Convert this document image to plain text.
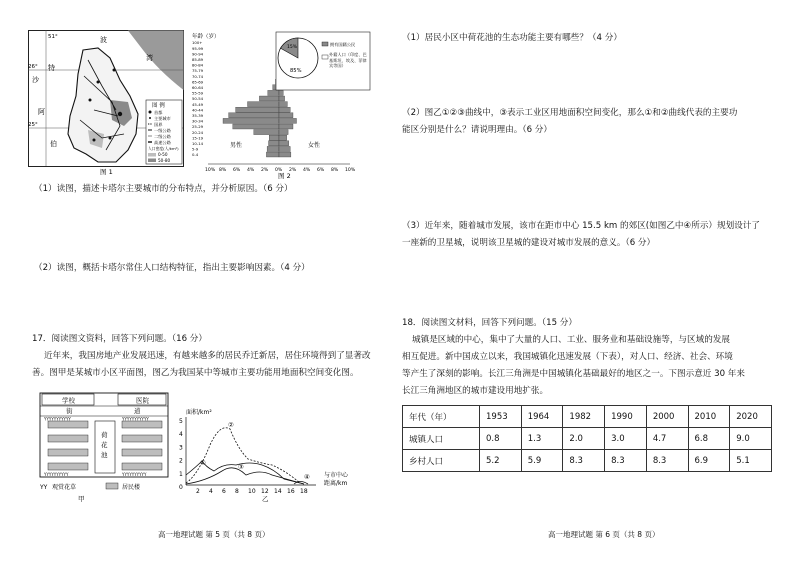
波
湾
沙
特
阿
伯
26°
25°
51°
图 例
首都
主要城市
国界
一级公路
二级公路
高速公路
人口密度(人/km²)
0-50
50-80
图 1
年龄（岁）
100+
95-99
90-94
85-89
80-84
75-79
70-74
65-69
60-64
55-59
50-54
45-49
40-44
35-39
30-34
25-29
20-24
15-19
10-14
5-9
0-4
10% 8% 6% 4% 2% 0% 2% 4% 6% 8% 10%
男性	女性
图 2
15%
85%
拥有国籍公民
外籍人口（印度、巴基斯坦、埃及、菲律宾等国）

（1）读图，描述卡塔尔主要城市的分布特点，并分析原因。（6 分）

（2）读图，概括卡塔尔常住人口结构特征，指出主要影响因素。（4 分）

17．阅读图文资料，回答下列问题。（16 分）

近年来，我国房地产业发展迅速，有越来越多的居民乔迁新居，居住环境得到了显著改

善。图甲是某城市小区平面图，图乙为我国某中等城市主要功能用地面积空间变化图。

学校	医院
街	道
YYYYYYYYYYY	YYYYYYYYYYY
YYYYYYYYYY	YYYYYYYYYY
荷
花
池
YY 观赏花草	居民楼
甲
面积/km²
5
4
3
2
1
0
2 4 6 8 10 12 14 16 18
①
②
③
④ 与市中心
距离/km
乙
高一地理试题 第 5 页（共 8 页）

（1）居民小区中荷花池的生态功能主要有哪些？（4 分）

（2）图乙①②③曲线中，③表示工业区用地面积空间变化，那么①和②曲线代表的主要功

能区分别是什么？请说明理由。（6 分）

（3）近年来，随着城市发展，该市在距市中心 15.5 km 的郊区(如图乙中④所示）规划设计了

一座新的卫星城，说明该卫星城的建设对城市发展的意义。（6 分）

18．阅读图文材料，回答下列问题。（15 分）

城镇是区域的中心，集中了大量的人口、工业、服务业和基础设施等，与区域的发展

相互促进。新中国成立以来，我国城镇化迅速发展（下表），对人口、经济、社会、环境

等产生了深刻的影响。长江三角洲是中国城镇化基础最好的地区之一。下图示意近 30 年来

长江三角洲地区的城市建设用地扩张。

年代（年）	1953	1964	1982	1990	2000	2010	2020
城镇人口	0.8	1.3	2.0	3.0	4.7	6.8	9.0
乡村人口	5.2	5.9	8.3	8.3	8.3	6.9	5.1
高一地理试题 第 6 页（共 8 页）
